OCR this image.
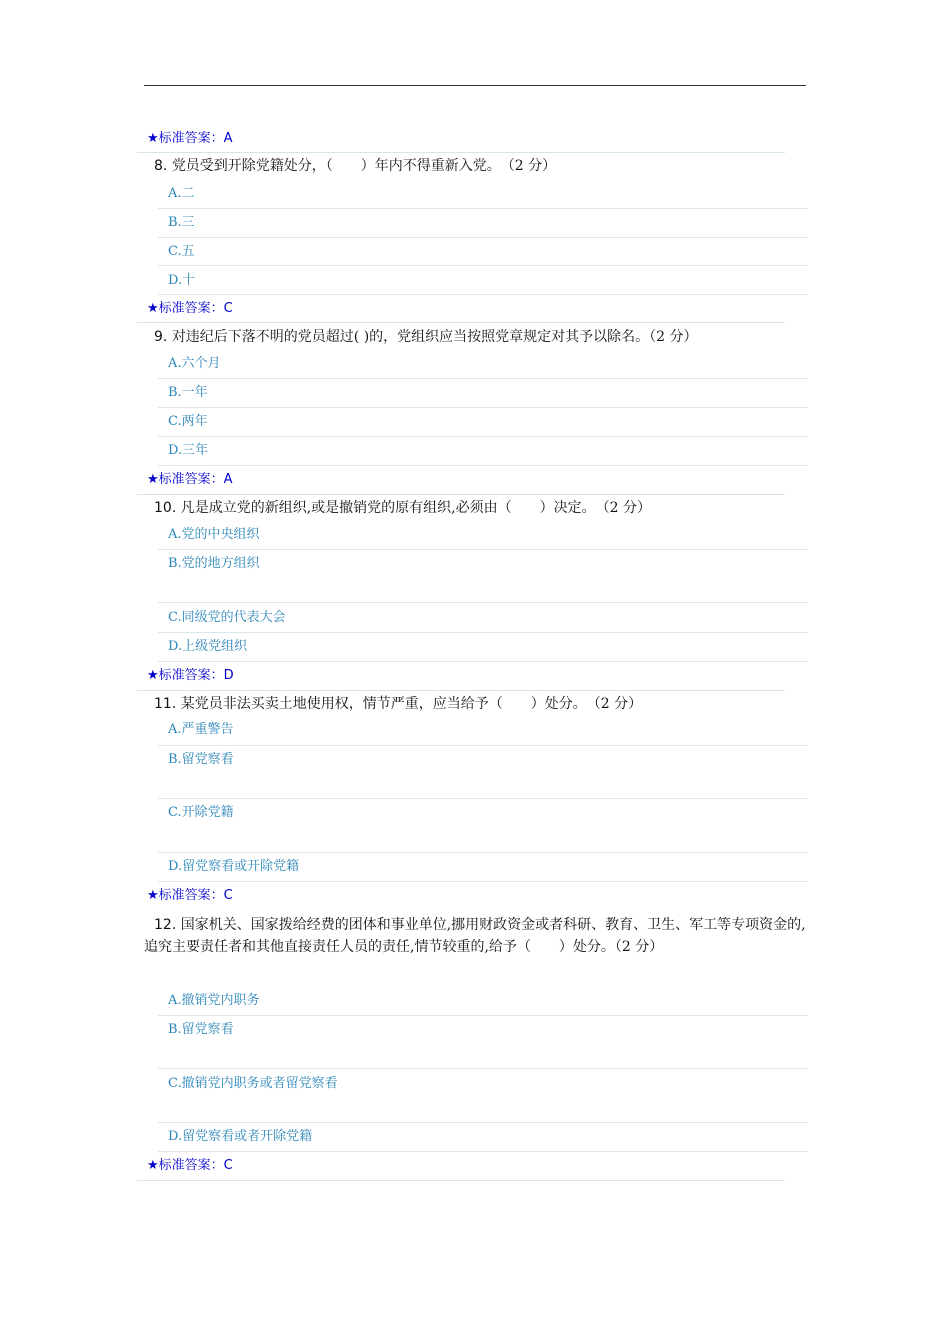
★标准答案：A
8. 党员受到开除党籍处分，（　　）年内不得重新入党。　（2 分）
A.二
B.三
C.五
D.十
★标准答案：C
9. 对违纪后下落不明的党员超过( )的，党组织应当按照党章规定对其予以除名。（2 分）
A.六个月
B.一年
C.两年
D.三年
★标准答案：A
10. 凡是成立党的新组织,或是撤销党的原有组织,必须由（　　）决定。　（2 分）
A.党的中央组织
B.党的地方组织
C.同级党的代表大会
D.上级党组织
★标准答案：D
11. 某党员非法买卖土地使用权，情节严重，应当给予（　　）处分。　（2 分）
A.严重警告
B.留党察看
C.开除党籍
D.留党察看或开除党籍
★标准答案：C
12. 国家机关、国家拨给经费的团体和事业单位,挪用财政资金或者科研、教育、卫生、军工等专项资金的,追究主要责任者和其他直接责任人员的责任,情节较重的,给予（　　）处分。（2 分）
A.撤销党内职务
B.留党察看
C.撤销党内职务或者留党察看
D.留党察看或者开除党籍
★标准答案：C
